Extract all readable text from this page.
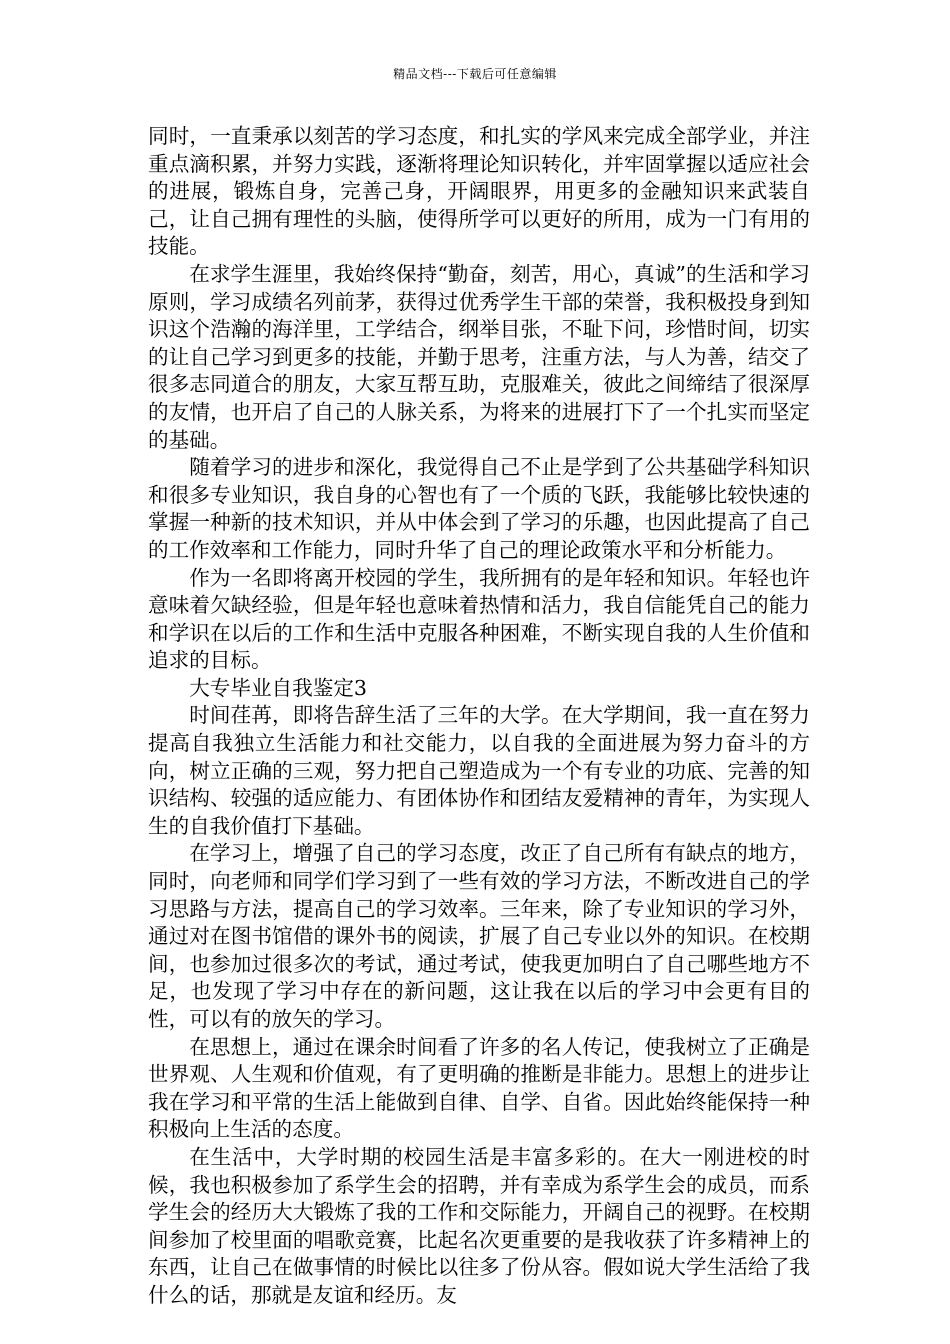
精品文档---下载后可任意编辑

同时，一直秉承以刻苦的学习态度，和扎实的学风来完成全部学业，并注重点滴积累，并努力实践，逐渐将理论知识转化，并牢固掌握以适应社会的进展，锻炼自身，完善己身，开阔眼界，用更多的金融知识来武装自己，让自己拥有理性的头脑，使得所学可以更好的所用，成为一门有用的技能。

在求学生涯里，我始终保持“勤奋，刻苦，用心，真诚”的生活和学习原则，学习成绩名列前茅，获得过优秀学生干部的荣誉，我积极投身到知识这个浩瀚的海洋里，工学结合，纲举目张，不耻下问，珍惜时间，切实的让自己学习到更多的技能，并勤于思考，注重方法，与人为善，结交了很多志同道合的朋友，大家互帮互助，克服难关，彼此之间缔结了很深厚的友情，也开启了自己的人脉关系，为将来的进展打下了一个扎实而坚定的基础。

随着学习的进步和深化，我觉得自己不止是学到了公共基础学科知识和很多专业知识，我自身的心智也有了一个质的飞跃，我能够比较快速的掌握一种新的技术知识，并从中体会到了学习的乐趣，也因此提高了自己的工作效率和工作能力，同时升华了自己的理论政策水平和分析能力。

作为一名即将离开校园的学生，我所拥有的是年轻和知识。年轻也许意味着欠缺经验，但是年轻也意味着热情和活力，我自信能凭自己的能力和学识在以后的工作和生活中克服各种困难，不断实现自我的人生价值和追求的目标。

大专毕业自我鉴定3

时间荏苒，即将告辞生活了三年的大学。在大学期间，我一直在努力提高自我独立生活能力和社交能力，以自我的全面进展为努力奋斗的方向，树立正确的三观，努力把自己塑造成为一个有专业的功底、完善的知识结构、较强的适应能力、有团体协作和团结友爱精神的青年，为实现人生的自我价值打下基础。

在学习上，增强了自己的学习态度，改正了自己所有有缺点的地方，同时，向老师和同学们学习到了一些有效的学习方法，不断改进自己的学习思路与方法，提高自己的学习效率。三年来，除了专业知识的学习外，通过对在图书馆借的课外书的阅读，扩展了自己专业以外的知识。在校期间，也参加过很多次的考试，通过考试，使我更加明白了自己哪些地方不足，也发现了学习中存在的新问题，这让我在以后的学习中会更有目的性，可以有的放矢的学习。

在思想上，通过在课余时间看了许多的名人传记，使我树立了正确是世界观、人生观和价值观，有了更明确的推断是非能力。思想上的进步让我在学习和平常的生活上能做到自律、自学、自省。因此始终能保持一种积极向上生活的态度。

在生活中，大学时期的校园生活是丰富多彩的。在大一刚进校的时候，我也积极参加了系学生会的招聘，并有幸成为系学生会的成员，而系学生会的经历大大锻炼了我的工作和交际能力，开阔自己的视野。在校期间参加了校里面的唱歌竞赛，比起名次更重要的是我收获了许多精神上的东西，让自己在做事情的时候比以往多了份从容。假如说大学生活给了我什么的话，那就是友谊和经历。友
